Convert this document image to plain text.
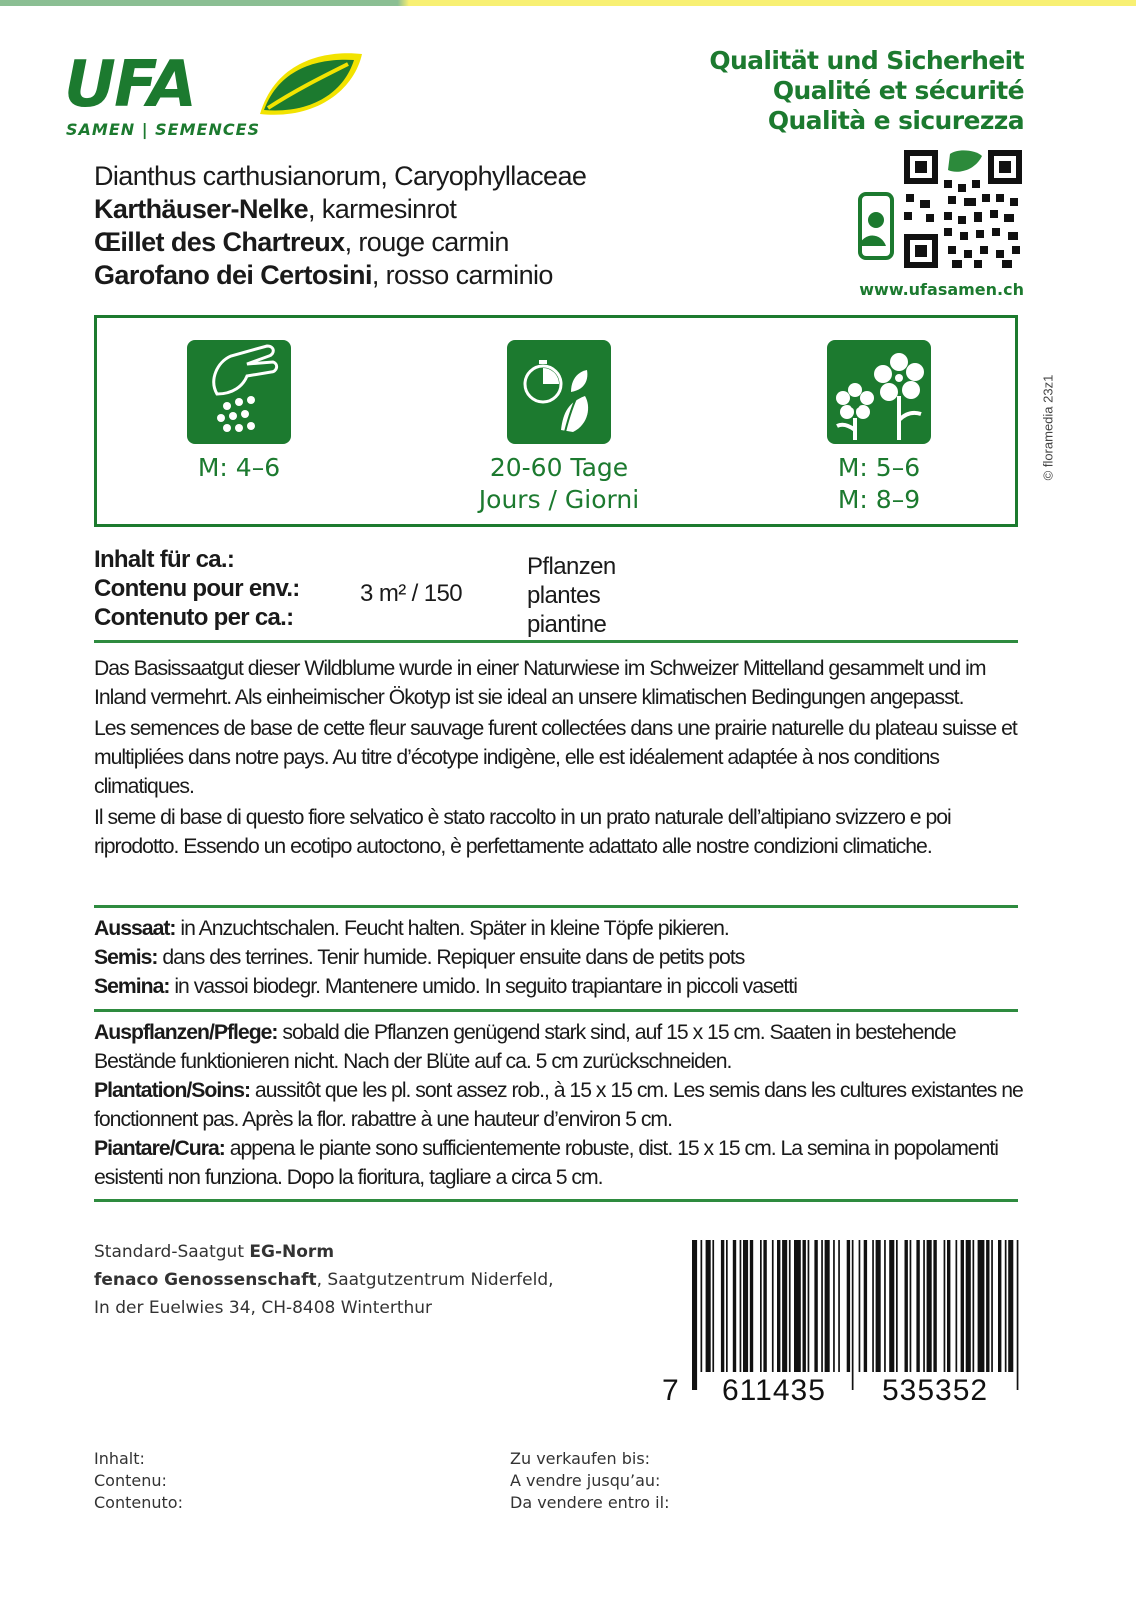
UFA
SAMEN | SEMENCES
Qualität und Sicherheit
Qualité et sécurité
Qualità e sicurezza
Dianthus carthusianorum, Caryophyllaceae
Karthäuser-Nelke, karmesinrot
Œillet des Chartreux, rouge carmin
Garofano dei Certosini, rosso carminio	www.ufasamen.ch
M: 4–6	20-60 Tage
Jours / Giorni
M: 5–6
M: 8–9
© floramedia 23z1
Inhalt für ca.:
Contenu pour env.:
Contenuto per ca.:
3 m² / 150
Pflanzen
plantes
piantine

Das Basissaatgut dieser Wildblume wurde in einer Naturwiese im Schweizer Mittelland gesammelt und im Inland vermehrt. Als einheimischer Ökotyp ist sie ideal an unsere klimatischen Bedingungen angepasst.

Les semences de base de cette fleur sauvage furent collectées dans une prairie naturelle du plateau suisse et multipliées dans notre pays. Au titre d’écotype indigène, elle est idéalement adaptée à nos conditions climatiques.

Il seme di base di questo fiore selvatico è stato raccolto in un prato naturale dell’altipiano svizzero e poi riprodotto. Essendo un ecotipo autoctono, è perfettamente adattato alle nostre condizioni climatiche.

Aussaat: in Anzuchtschalen. Feucht halten. Später in kleine Töpfe pikieren.
Semis: dans des terrines. Tenir humide. Repiquer ensuite dans de petits pots
Semina: in vassoi biodegr. Mantenere umido. In seguito trapiantare in piccoli vasetti
Auspflanzen/Pflege: sobald die Pflanzen genügend stark sind, auf 15 x 15 cm. Saaten in bestehende Bestände funktionieren nicht. Nach der Blüte auf ca. 5 cm zurückschneiden.
Plantation/Soins: aussitôt que les pl. sont assez rob., à 15 x 15 cm. Les semis dans les cultures existantes ne fonctionnent pas. Après la flor. rabattre à une hauteur d’environ 5 cm.
Piantare/Cura: appena le piante sono sufficientemente robuste, dist. 15 x 15 cm. La semina in popolamenti esistenti non funziona. Dopo la fioritura, tagliare a circa 5 cm.
Standard-Saatgut EG-Norm
fenaco Genossenschaft, Saatgutzentrum Niderfeld,
In der Euelwies 34, CH-8408 Winterthur
7 611435 535352
Inhalt:
Contenu:
Contenuto:
Zu verkaufen bis:
A vendre jusqu’au:
Da vendere entro il:
